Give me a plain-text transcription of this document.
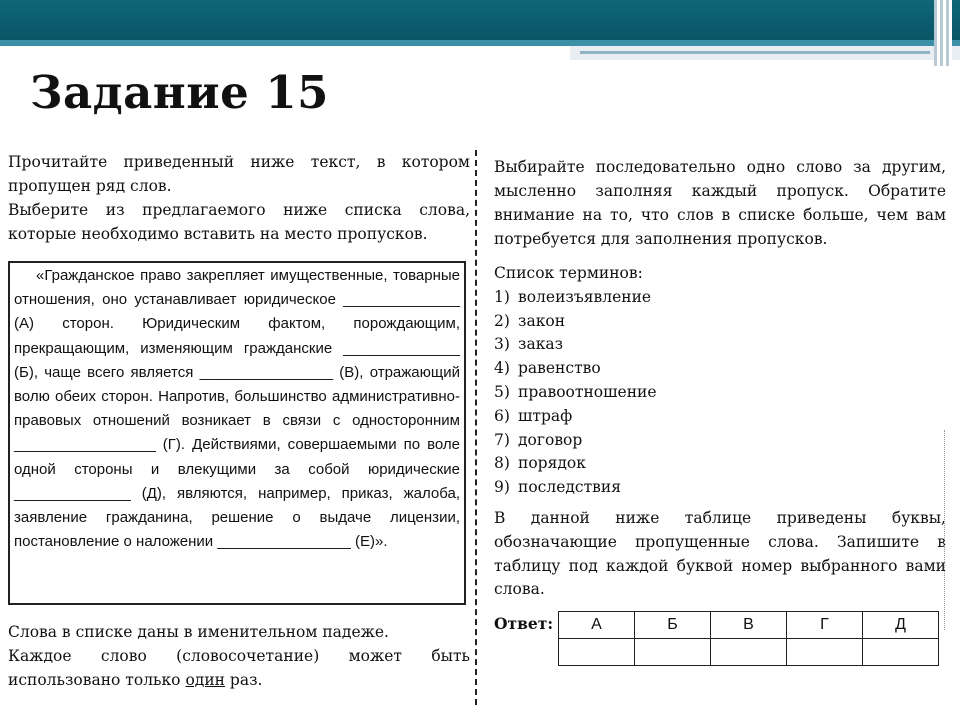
Задание 15

Прочитайте приведенный ниже текст, в котором пропущен ряд слов.

Выберите из предлагаемого ниже списка слова, которые необходимо вставить на место пропусков.

«Гражданское право закрепляет имущественные, товарные отношения, оно устанавливает юридическое ______________ (А) сторон. Юридическим фактом, порождающим, прекращающим, изменяющим гражданские ______________ (Б), чаще всего является ________________ (В), отражающий волю обеих сторон. Напротив, большинство административно-правовых отношений возникает в связи с односторонним _________________ (Г). Действиями, совершаемыми по воле одной стороны и влекущими за собой юридические ______________ (Д), являются, например, приказ, жалоба, заявление гражданина, решение о выдаче лицензии, постановление о наложении ________________ (Е)».

Слова в списке даны в именительном падеже.

Каждое слово (словосочетание) может быть использовано только один раз.

Выбирайте последовательно одно слово за другим, мысленно заполняя каждый пропуск. Обратите внимание на то, что слов в списке больше, чем вам потребуется для заполнения пропусков.

Список терминов:

1) волеизъявление
2) закон
3) заказ
4) равенство
5) правоотношение
6) штраф
7) договор
8) порядок
9) последствия

В данной ниже таблице приведены буквы, обозначающие пропущенные слова. Запишите в таблицу под каждой буквой номер выбранного вами слова.

Ответ: А	Б	В	Г	Д
